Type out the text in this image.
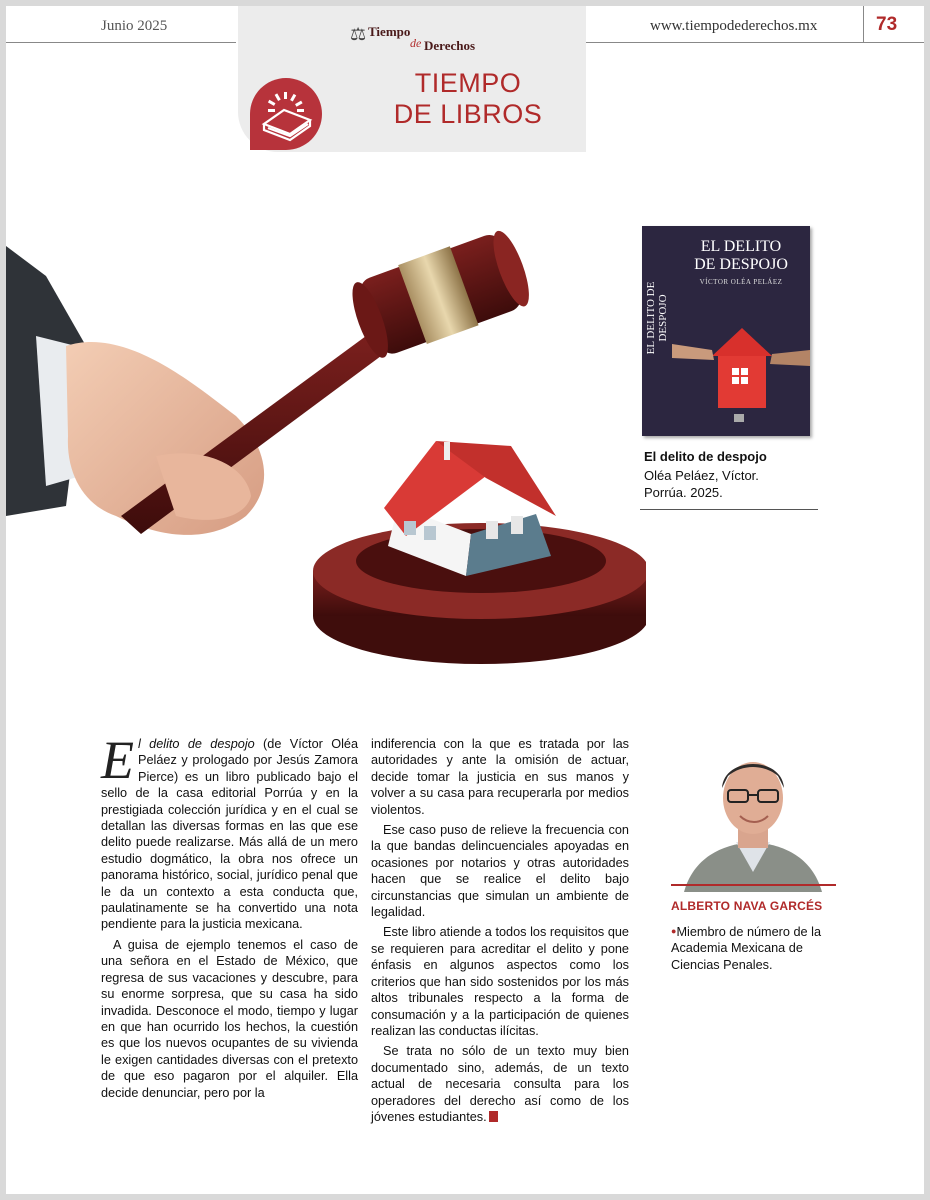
Junio 2025	www.tiempodederechos.mx	73
⚖ Tiempo
de Derechos
TIEMPO
DE LIBROS
EL DELITO
DE DESPOJO
VÍCTOR OLÉA PELÁEZ
EL DELITO DE DESPOJO
El delito de despojo
Oléa Peláez, Víctor.
Porrúa. 2025.

El delito de despojo (de Víctor Oléa Peláez y prologado por Jesús Zamora Pierce) es un libro publicado bajo el sello de la casa editorial Porrúa y en la prestigiada colección jurídica y en el cual se detallan las diversas formas en las que ese delito puede realizarse. Más allá de un mero estudio dogmático, la obra nos ofrece un panorama histórico, social, jurídico penal que le da un contexto a esta conducta que, paulatinamente se ha convertido una nota pendiente para la justicia mexicana.

A guisa de ejemplo tenemos el caso de una señora en el Estado de México, que regresa de sus vacaciones y descubre, para su enorme sorpresa, que su casa ha sido invadida. Desconoce el modo, tiempo y lugar en que han ocurrido los hechos, la cuestión es que los nuevos ocupantes de su vivienda le exigen cantidades diversas con el pretexto de que eso pagaron por el alquiler. Ella decide denunciar, pero por la

indiferencia con la que es tratada por las autoridades y ante la omisión de actuar, decide tomar la justicia en sus manos y volver a su casa para recuperarla por medios violentos.

Ese caso puso de relieve la frecuencia con la que bandas delincuenciales apoyadas en ocasiones por notarios y otras autoridades hacen que se realice el delito bajo circunstancias que simulan un ambiente de legalidad.

Este libro atiende a todos los requisitos que se requieren para acreditar el delito y pone énfasis en algunos aspectos como los criterios que han sido sostenidos por los más altos tribunales respecto a la forma de consumación y a la participación de quienes realizan las conductas ilícitas.

Se trata no sólo de un texto muy bien documentado sino, además, de un texto actual de necesaria consulta para los operadores del derecho así como de los jóvenes estudiantes.

ALBERTO NAVA GARCÉS
●Miembro de número de la Academia Mexicana de Ciencias Penales.
